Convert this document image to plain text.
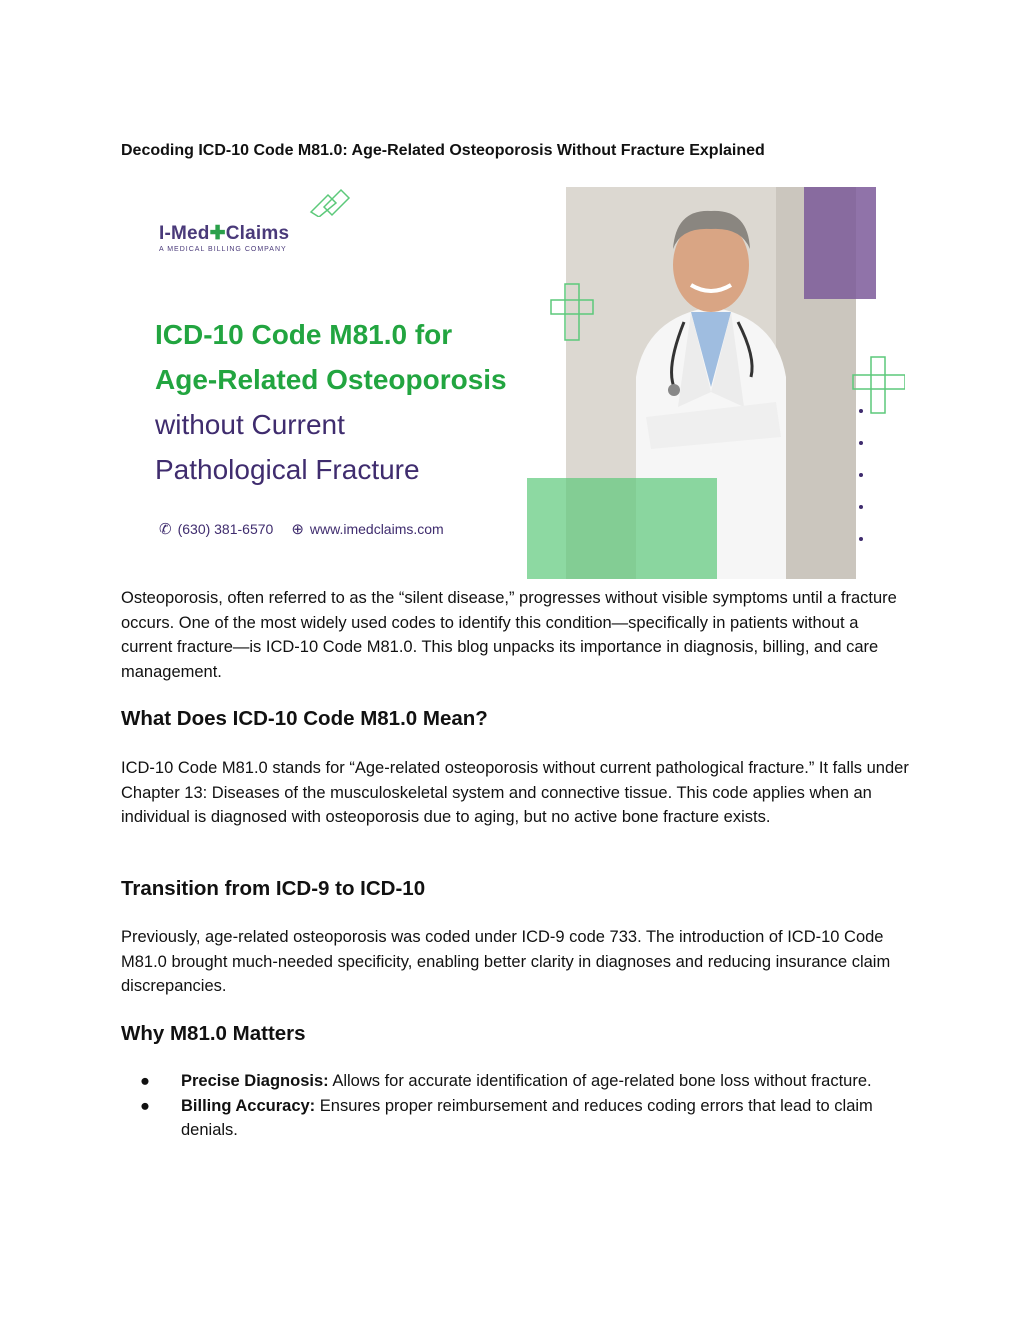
Decoding ICD-10 Code M81.0: Age-Related Osteoporosis Without Fracture Explained
I-Med✚Claims
A MEDICAL BILLING COMPANY
ICD-10 Code M81.0 for
Age-Related Osteoporosis
without Current
Pathological Fracture
✆ (630) 381-6570 ⊕ www.imedclaims.com

Osteoporosis, often referred to as the “silent disease,” progresses without visible symptoms until a fracture occurs. One of the most widely used codes to identify this condition—specifically in patients without a current fracture—is ICD-10 Code M81.0. This blog unpacks its importance in diagnosis, billing, and care management.

What Does ICD-10 Code M81.0 Mean?

ICD-10 Code M81.0 stands for “Age-related osteoporosis without current pathological fracture.” It falls under Chapter 13: Diseases of the musculoskeletal system and connective tissue. This code applies when an individual is diagnosed with osteoporosis due to aging, but no active bone fracture exists.

Transition from ICD-9 to ICD-10

Previously, age-related osteoporosis was coded under ICD-9 code 733. The introduction of ICD-10 Code M81.0 brought much-needed specificity, enabling better clarity in diagnoses and reducing insurance claim discrepancies.

Why M81.0 Matters
● Precise Diagnosis: Allows for accurate identification of age-related bone loss without fracture.
● Billing Accuracy: Ensures proper reimbursement and reduces coding errors that lead to claim denials.
